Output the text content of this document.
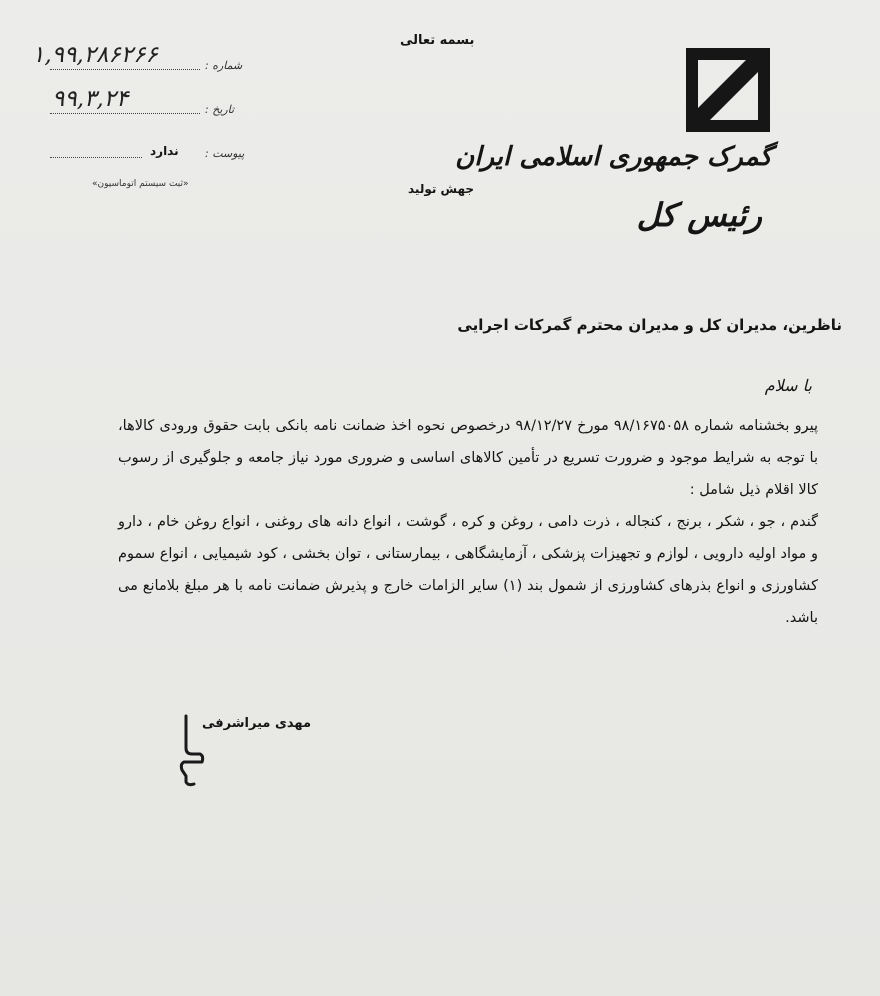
گمرک جمهوری اسلامی ایران
رئیس کل
بسمه تعالی
جهش تولید
۱,۹۹,۲۸۶۲۶۶	شماره :
۹۹,۳,۲۴	تاریخ :
ندارد پیوست :
«ثبت سیستم اتوماسیون»
ناظرین، مدیران کل و مدیران محترم گمرکات اجرایی
با سلام

پیرو بخشنامه شماره ۹۸/۱۶۷۵۰۵۸ مورخ ۹۸/۱۲/۲۷ درخصوص نحوه اخذ ضمانت نامه بانکی بابت حقوق ورودی کالاها، با توجه به شرایط موجود و ضرورت تسریع در تأمین کالاهای اساسی و ضروری مورد نیاز جامعه و جلوگیری از رسوب کالا اقلام ذیل شامل :

گندم ، جو ، شکر ، برنج ، کنجاله ، ذرت دامی ، روغن و کره ، گوشت ، انواع دانه های روغنی ، انواع روغن خام ، دارو و مواد اولیه دارویی ، لوازم و تجهیزات پزشکی ، آزمایشگاهی ، بیمارستانی ، توان بخشی ، کود شیمیایی ، انواع سموم کشاورزی و انواع بذرهای کشاورزی از شمول بند (۱) سایر الزامات خارج و پذیرش ضمانت نامه با هر مبلغ بلامانع می باشد.

مهدی میراشرفی
